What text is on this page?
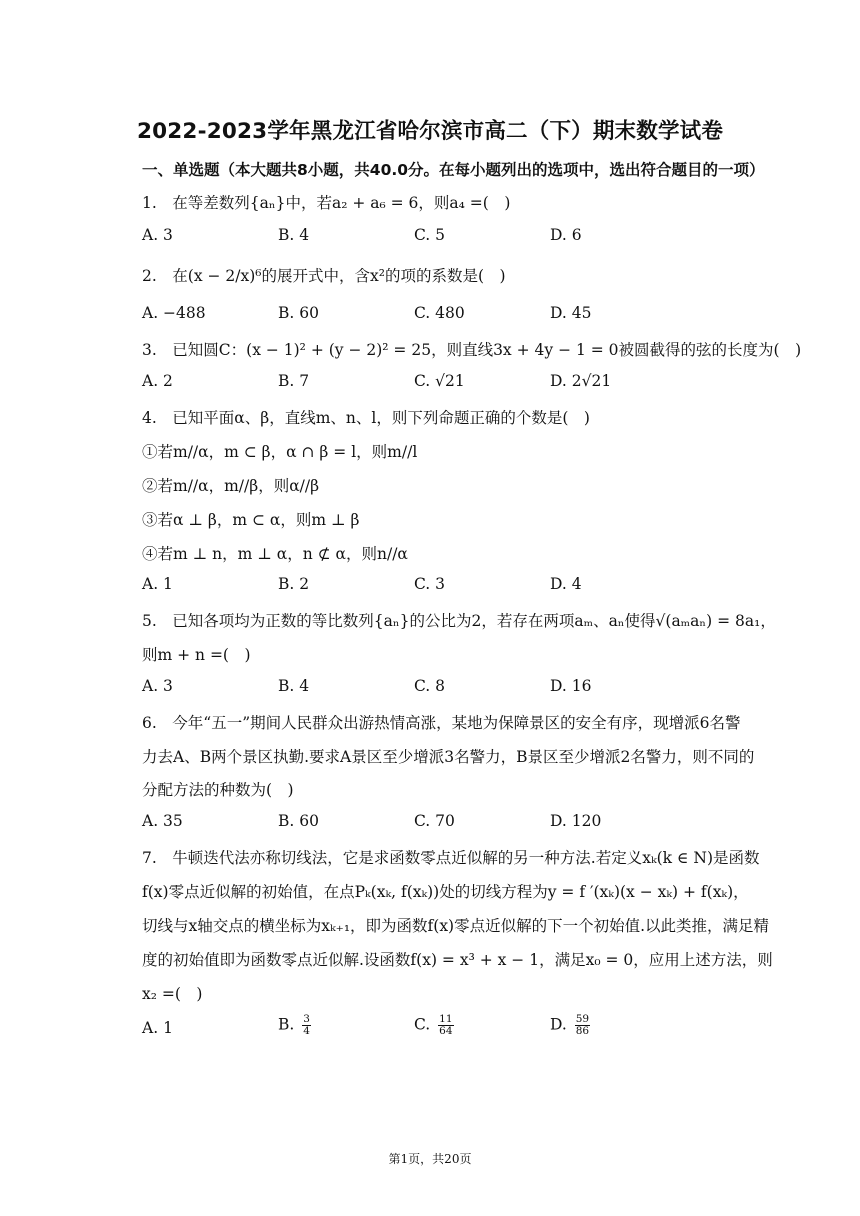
2022-2023学年黑龙江省哈尔滨市高二（下）期末数学试卷
一、单选题（本大题共8小题，共40.0分。在每小题列出的选项中，选出符合题目的一项）
1.　在等差数列{aₙ}中，若a₂ + a₆ = 6，则a₄ =(　)
A. 3	B. 4	C. 5	D. 6
2.　在(x − 2/x)⁶的展开式中，含x²的项的系数是(　)
A. −488	B. 60	C. 480	D. 45
3.　已知圆C：(x − 1)² + (y − 2)² = 25，则直线3x + 4y − 1 = 0被圆截得的弦的长度为(　)
A. 2	B. 7	C. √21	D. 2√21
4.　已知平面α、β，直线m、n、l，则下列命题正确的个数是(　)
①若m//α，m ⊂ β，α ∩ β = l，则m//l
②若m//α，m//β，则α//β
③若α ⊥ β，m ⊂ α，则m ⊥ β
④若m ⊥ n，m ⊥ α，n ⊄ α，则n//α
A. 1	B. 2	C. 3	D. 4
5.　已知各项均为正数的等比数列{aₙ}的公比为2，若存在两项aₘ、aₙ使得√(aₘaₙ) = 8a₁，
则m + n =(　)
A. 3	B. 4	C. 8	D. 16
6.　今年“五一”期间人民群众出游热情高涨，某地为保障景区的安全有序，现增派6名警
力去A、B两个景区执勤.要求A景区至少增派3名警力，B景区至少增派2名警力，则不同的
分配方法的种数为(　)
A. 35	B. 60	C. 70	D. 120
7.　牛顿迭代法亦称切线法，它是求函数零点近似解的另一种方法.若定义xₖ(k ∈ N)是函数
f(x)零点近似解的初始值，在点Pₖ(xₖ, f(xₖ))处的切线方程为y = f ′(xₖ)(x − xₖ) + f(xₖ)，
切线与x轴交点的横坐标为xₖ₊₁，即为函数f(x)零点近似解的下一个初始值.以此类推，满足精
度的初始值即为函数零点近似解.设函数f(x) = x³ + x − 1，满足x₀ = 0，应用上述方法，则
x₂ =(　)
A. 1	B. $\frac{3}{4}$	C. $\frac{11}{64}$	D. $\frac{59}{86}$
第1页，共20页
